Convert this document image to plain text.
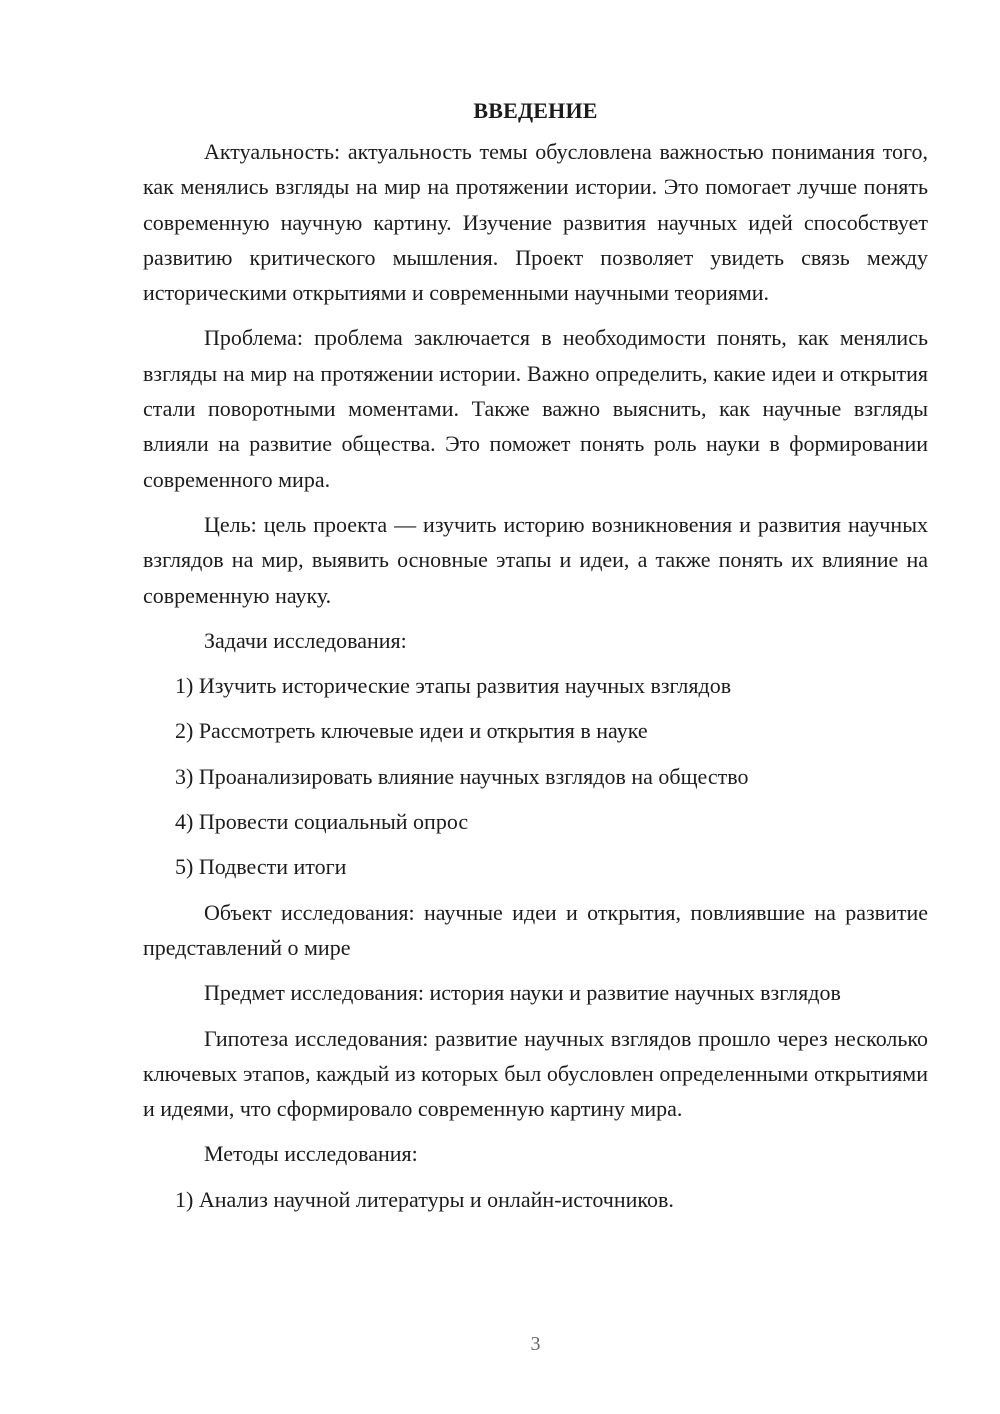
ВВЕДЕНИЕ

Актуальность: актуальность темы обусловлена важностью понимания того, как менялись взгляды на мир на протяжении истории. Это помогает лучше понять современную научную картину. Изучение развития научных идей способствует развитию критического мышления. Проект позволяет увидеть связь между историческими открытиями и современными научными теориями.

Проблема: проблема заключается в необходимости понять, как менялись взгляды на мир на протяжении истории. Важно определить, какие идеи и открытия стали поворотными моментами. Также важно выяснить, как научные взгляды влияли на развитие общества. Это поможет понять роль науки в формировании современного мира.

Цель: цель проекта — изучить историю возникновения и развития научных взглядов на мир, выявить основные этапы и идеи, а также понять их влияние на современную науку.

Задачи исследования:
1) Изучить исторические этапы развития научных взглядов
2) Рассмотреть ключевые идеи и открытия в науке
3) Проанализировать влияние научных взглядов на общество
4) Провести социальный опрос
5) Подвести итоги

Объект исследования: научные идеи и открытия, повлиявшие на развитие представлений о мире

Предмет исследования: история науки и развитие научных взглядов

Гипотеза исследования: развитие научных взглядов прошло через несколько ключевых этапов, каждый из которых был обусловлен определенными открытиями и идеями, что сформировало современную картину мира.

Методы исследования:
1) Анализ научной литературы и онлайн-источников.
3
